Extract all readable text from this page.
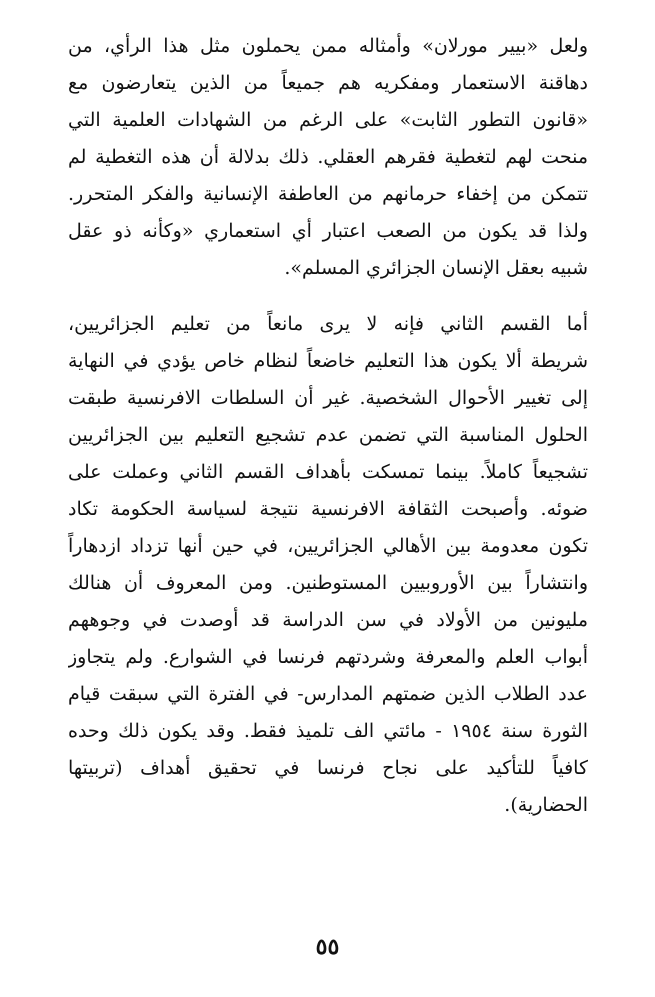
ولعل «بيير مورلان» وأمثاله ممن يحملون مثل هذا الرأي، من
دهاقنة الاستعمار ومفكريه هم جميعاً من الذين يتعارضون مع
«قانون التطور الثابت» على الرغم من الشهادات العلمية التي
منحت لهم لتغطية فقرهم العقلي. ذلك بدلالة أن هذه التغطية لم
تتمكن من إخفاء حرمانهم من العاطفة الإنسانية والفكر المتحرر.
ولذا قد يكون من الصعب اعتبار أي استعماري «وكأنه ذو عقل
شبيه بعقل الإنسان الجزائري المسلم».
أما القسم الثاني فإنه لا يرى مانعاً من تعليم الجزائريين،
شريطة ألا يكون هذا التعليم خاضعاً لنظام خاص يؤدي في النهاية
إلى تغيير الأحوال الشخصية. غير أن السلطات الافرنسية طبقت
الحلول المناسبة التي تضمن عدم تشجيع التعليم بين الجزائريين
تشجيعاً كاملاً. بينما تمسكت بأهداف القسم الثاني وعملت على
ضوئه. وأصبحت الثقافة الافرنسية نتيجة لسياسة الحكومة تكاد
تكون معدومة بين الأهالي الجزائريين، في حين أنها تزداد ازدهاراً
وانتشاراً بين الأوروبيين المستوطنين. ومن المعروف أن هنالك
مليونين من الأولاد في سن الدراسة قد أوصدت في وجوههم
أبواب العلم والمعرفة وشردتهم فرنسا في الشوارع. ولم يتجاوز
عدد الطلاب الذين ضمتهم المدارس- في الفترة التي سبقت قيام
الثورة سنة ١٩٥٤ - مائتي الف تلميذ فقط. وقد يكون ذلك وحده
كافياً للتأكيد على نجاح فرنسا في تحقيق أهداف (تربيتها
الحضارية).
٥٥
